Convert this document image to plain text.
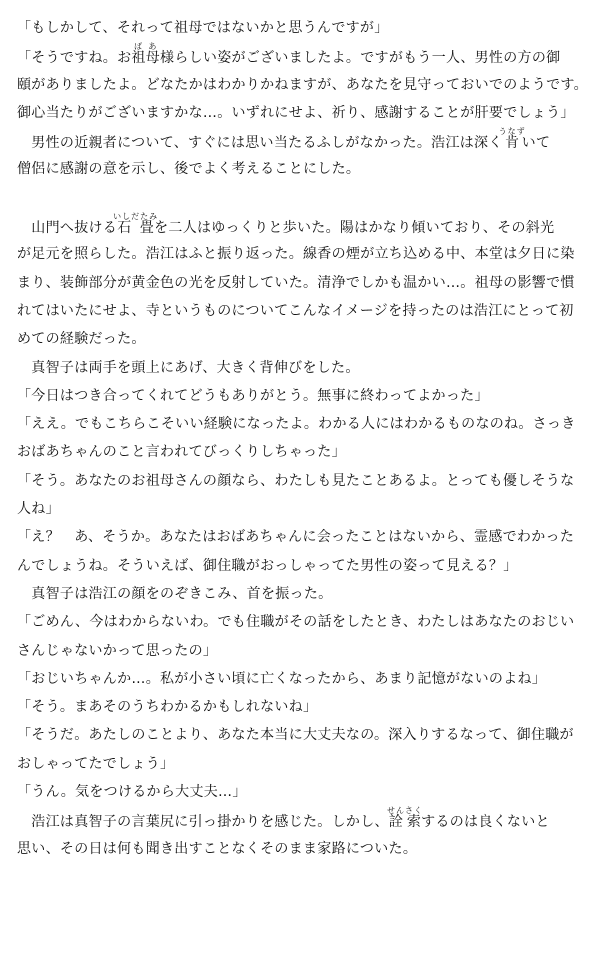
「もしかして、それって祖母ではないかと思うんですが」
「そうですね。お祖母ばあ様らしい姿がございましたよ。ですがもう一人、男性の方の御
頤がありましたよ。どなたかはわかりかねますが、あなたを見守っておいでのようです。
御心当たりがございますかな…。いずれにせよ、祈り、感謝することが肝要でしょう」
　男性の近親者について、すぐには思い当たるふしがなかった。浩江は深く肯うなずいて
僧侶に感謝の意を示し、後でよく考えることにした。
　山門へ抜ける石畳いしだたみを二人はゆっくりと歩いた。陽はかなり傾いており、その斜光
が足元を照らした。浩江はふと振り返った。線香の煙が立ち込める中、本堂は夕日に染
まり、装飾部分が黄金色の光を反射していた。清浄でしかも温かい…。祖母の影響で慣
れてはいたにせよ、寺というものについてこんなイメージを持ったのは浩江にとって初
めての経験だった。
　真智子は両手を頭上にあげ、大きく背伸びをした。
「今日はつき合ってくれてどうもありがとう。無事に終わってよかった」
「ええ。でもこちらこそいい経験になったよ。わかる人にはわかるものなのね。さっき
おばあちゃんのこと言われてびっくりしちゃった」
「そう。あなたのお祖母さんの顔なら、わたしも見たことあるよ。とっても優しそうな
人ね」
「え？　あ、そうか。あなたはおばあちゃんに会ったことはないから、霊感でわかった
んでしょうね。そういえば、御住職がおっしゃってた男性の姿って見える？」
　真智子は浩江の顔をのぞきこみ、首を振った。
「ごめん、今はわからないわ。でも住職がその話をしたとき、わたしはあなたのおじい
さんじゃないかって思ったの」
「おじいちゃんか…。私が小さい頃に亡くなったから、あまり記憶がないのよね」
「そう。まあそのうちわかるかもしれないね」
「そうだ。あたしのことより、あなた本当に大丈夫なの。深入りするなって、御住職が
おしゃってたでしょう」
「うん。気をつけるから大丈夫…」
　浩江は真智子の言葉尻に引っ掛かりを感じた。しかし、詮索せんさくするのは良くないと
思い、その日は何も聞き出すことなくそのまま家路についた。
